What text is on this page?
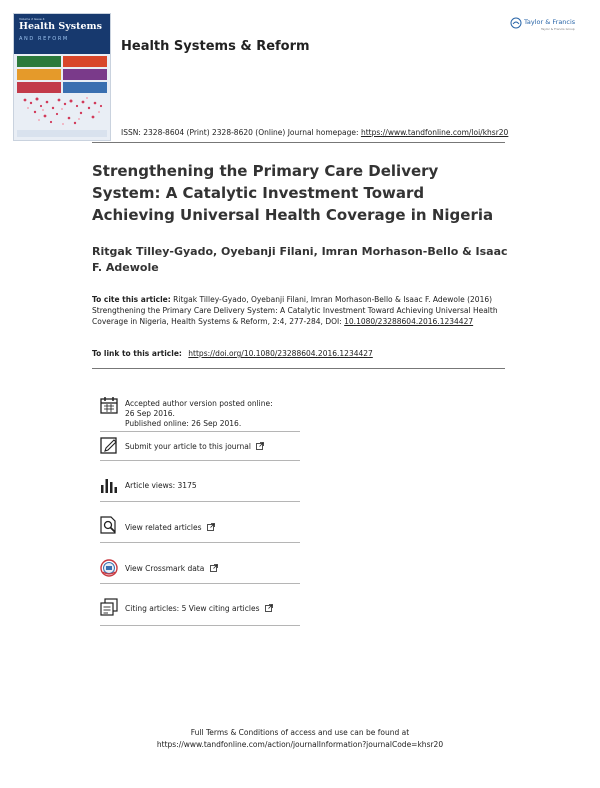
Volume 2 Issue 4
Health Systems
AND REFORM	Health Systems & Reform
Taylor & Francis
Taylor & Francis Group
ISSN: 2328-8604 (Print) 2328-8620 (Online) Journal homepage: https://www.tandfonline.com/loi/khsr20
Strengthening the Primary Care Delivery System: A Catalytic Investment Toward Achieving Universal Health Coverage in Nigeria
Ritgak Tilley-Gyado, Oyebanji Filani, Imran Morhason-Bello & Isaac F. Adewole
To cite this article: Ritgak Tilley-Gyado, Oyebanji Filani, Imran Morhason-Bello & Isaac F. Adewole (2016) Strengthening the Primary Care Delivery System: A Catalytic Investment Toward Achieving Universal Health Coverage in Nigeria, Health Systems & Reform, 2:4, 277-284, DOI: 10.1080/23288604.2016.1234427
To link to this article: https://doi.org/10.1080/23288604.2016.1234427
Accepted author version posted online: 26 Sep 2016.
Published online: 26 Sep 2016.
Submit your article to this journal
Article views: 3175
View related articles
View Crossmark data
Citing articles: 5 View citing articles
Full Terms & Conditions of access and use can be found at
https://www.tandfonline.com/action/journalInformation?journalCode=khsr20
